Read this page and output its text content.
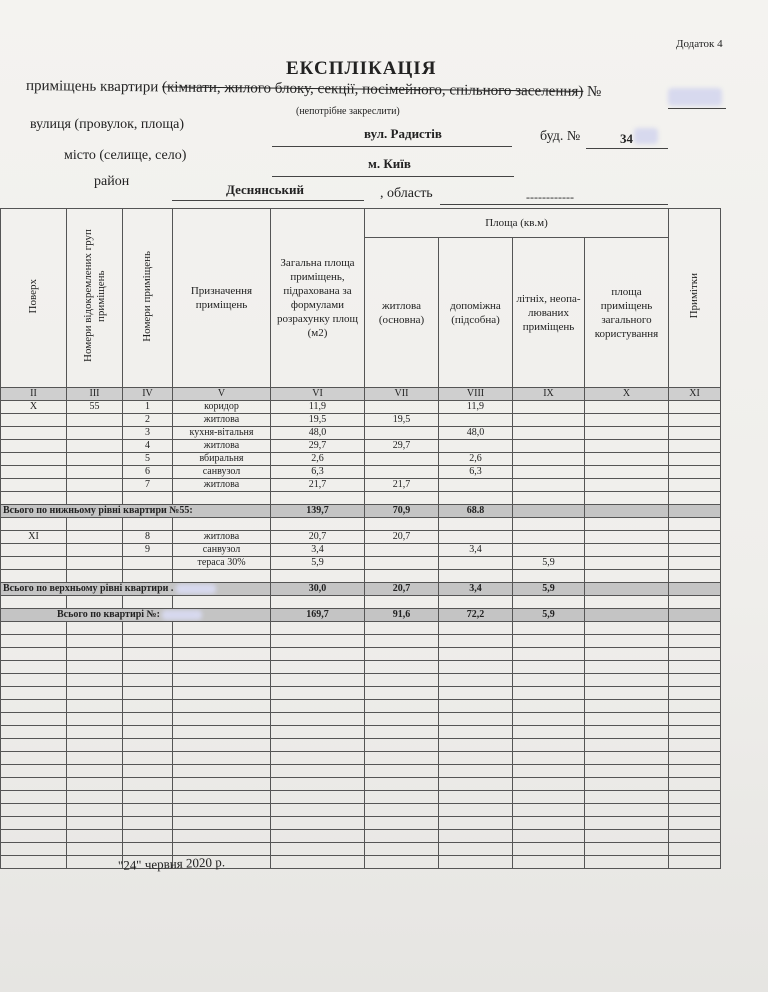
Додаток 4
ЕКСПЛІКАЦІЯ
приміщень квартири (кімнати, жилого блоку, секції, посімейного, спільного заселення) №
(непотрібне закреслити)
вулиця (провулок, площа)
вул. Радистів	буд. №	34
місто (селище, село)
м. Київ
район
Деснянський	, область	------------
Поверх	Номери відокремлених груп приміщень	Номери приміщень	Призначення приміщень	Загальна площа приміщень, підрахована за формулами розрахунку площ (м2)	Площа (кв.м)				Примітки
					житлова (основна)	допоміжна (підсобна)	літніх, неопа- люваних приміщень	площа приміщень загального користування	
II	III	IV	V	VI	VII	VIII	IX	X	XI
X	55	1	коридор	11,9		11,9			
		2	житлова	19,5	19,5				
		3	кухня-вітальня	48,0		48,0			
		4	житлова	29,7	29,7				
		5	вбиральня	2,6		2,6			
		6	санвузол	6,3		6,3			
		7	житлова	21,7	21,7				

Всього по нижньому рівні квартири №55:				139,7	70,9	68.8			

XI		8	житлова	20,7	20,7				
		9	санвузол	3,4		3,4			
			тераса 30%	5,9			5,9		

Всього по верхньому рівні квартири .				30,0	20,7	3,4	5,9		

Всього по квартирі №:				169,7	91,6	72,2	5,9		

"24" червня 2020 р.
